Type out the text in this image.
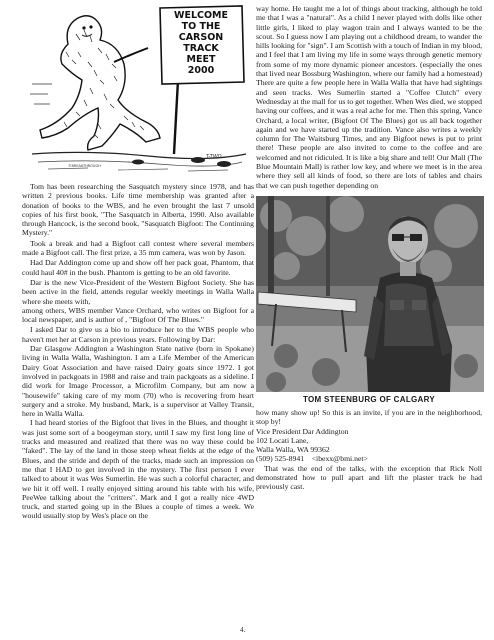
WELCOME
TO THE
CARSON
TRACK
MEET
2000
©BREAKTHROUGH
T-TWD

Tom has been researching the Sasquatch mystery since 1978, and has written 2 previous books. Life time membership was granted after a donation of books to the WBS, and he even brought the last 7 unsold copies of his first book, "The Sasquatch in Alberta, 1990. Also available through Hancock, is the second book, "Sasquatch Bigfoot: The Continuing Mystery."

Took a break and had a Bigfoot call contest where several members made a Bigfoot call. The first prize, a 35 mm camera, was won by Jason.

Had Dar Addington come up and show off her pack goat, Phantom, that could haul 40# in the bush. Phantom is getting to be an old favorite.

Dar is the new Vice-President of the Western Bigfoot Society. She has been active in the field, attends regular weekly meetings in Walla Walla where she meets with,

among others, WBS member Vance Orchard, who writes on Bigfoot for a local newspaper, and is author of , "Bigfoot Of The Blues."

I asked Dar to give us a bio to introduce her to the WBS people who haven't met her at Carson in previous years. Following by Dar:

Dar Glasgow Addington a Washington State native (born in Spokane) living in Walla Walla, Washington. I am a Life Member of the American Dairy Goat Association and have raised Dairy goats since 1972. I got involved in packgoats in 1988 and raise and train packgoats as a sideline. I did work for Image Processor, a Microfilm Company, but am now a "housewife" taking care of my mom (70) who is recovering from heart surgery and a stroke. My husband, Mark, is a supervisor at Valley Transit, here in Walla Walla.

I had heard stories of the Bigfoot that lives in the Blues, and thought it was just some sort of a boogeyman story, until I saw my first long line of tracks and measured and realized that there was no way these could be "faked". The lay of the land in those steep wheat fields at the edge of the Blues, and the stride and depth of the tracks, made such an impression on me that I HAD to get involved in the mystery. The first person I ever talked to about it was Wes Sumerlin. He was such a colorful character, and we hit it off well. I really enjoyed sitting around his table with his wife, PeeWee talking about the "critters". Mark and I got a really nice 4WD truck, and started going up in the Blues a couple of times a week. We would usually stop by Wes's place on the

way home. He taught me a lot of things about tracking, although he told me that I was a "natural". As a child I never played with dolls like other little girls, I liked to play wagon train and I always wanted to be the scout. So I guess now I am playing out a childhood dream, to wander the hills looking for "sign". I am Scottish with a touch of Indian in my blood, and I feel that I am living my life in some ways through genetic memory from some of my more dynamic pioneer ancestors. (especially the ones that lived near Bossburg Washington, where our family had a homestead) There are quite a few people here in Walla Walla that have had sightings and seen tracks. Wes Sumerlin started a "Coffee Clutch" every Wednesday at the mall for us to get together. When Wes died, we stopped having our coffees, and it was a real ache for me. Then this spring, Vance Orchard, a local writer, (Bigfoot Of The Blues) got us all back together again and we have started up the tradition. Vance also writes a weekly column for The Waitsburg Times, and any Bigfoot news is put to print there! These people are also invited to come to the coffee and are welcomed and not ridiculed. It is like a big share and tell! Our Mall (The Blue Mountain Mall) is rather low key, and where we meet is in the area where they sell all kinds of food, so there are lots of tables and chairs that we can push together depending on

TOM STEENBURG OF CALGARY

how many show up! So this is an invite, if you are in the neighborhood, stop by!

Vice President Dar Addington

102 Locati Lane,

Walla Walla, WA 99362

(509) 525-8941    <ibexx@bmi.net>

That was the end of the talks, with the exception that Rick Noll demonstrated how to pull apart and lift the plaster track he had previously cast.

4.
